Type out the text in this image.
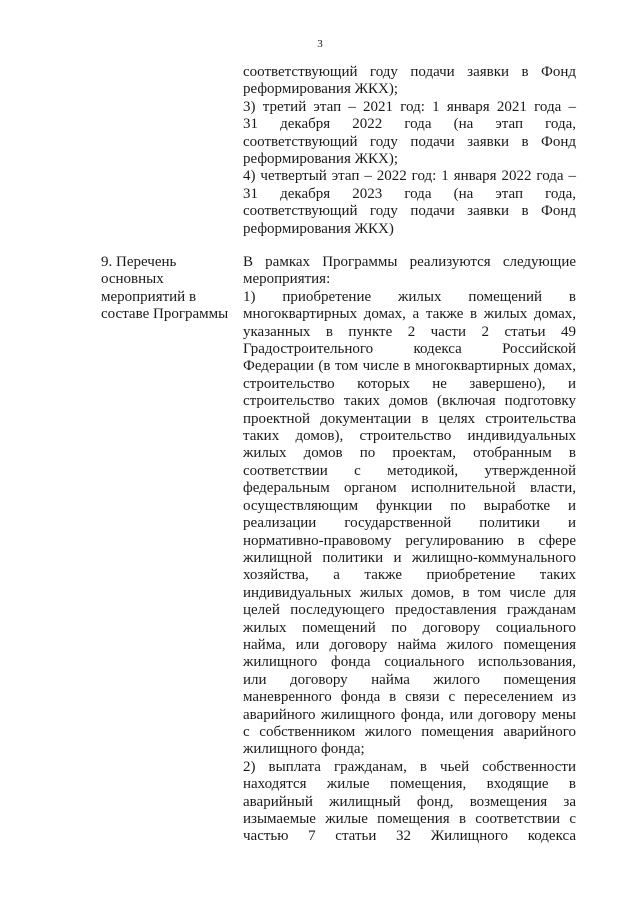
3
соответствующий году подачи заявки в Фонд
реформирования ЖКХ);
3) третий этап – 2021 год: 1 января 2021 года –
31 декабря 2022 года (на этап года,
соответствующий году подачи заявки в Фонд
реформирования ЖКХ);
4) четвертый этап – 2022 год: 1 января 2022 года –
31 декабря 2023 года (на этап года,
соответствующий году подачи заявки в Фонд
реформирования ЖКХ)
9. Перечень
основных
мероприятий в
составе Программы
В рамках Программы реализуются следующие
мероприятия:
1) приобретение жилых помещений в
многоквартирных домах, а также в жилых домах,
указанных в пункте 2 части 2 статьи 49
Градостроительного кодекса Российской
Федерации (в том числе в многоквартирных домах,
строительство которых не завершено), и
строительство таких домов (включая подготовку
проектной документации в целях строительства
таких домов), строительство индивидуальных
жилых домов по проектам, отобранным в
соответствии с методикой, утвержденной
федеральным органом исполнительной власти,
осуществляющим функции по выработке и
реализации государственной политики и
нормативно-правовому регулированию в сфере
жилищной политики и жилищно-коммунального
хозяйства, а также приобретение таких
индивидуальных жилых домов, в том числе для
целей последующего предоставления гражданам
жилых помещений по договору социального
найма, или договору найма жилого помещения
жилищного фонда социального использования,
или договору найма жилого помещения
маневренного фонда в связи с переселением из
аварийного жилищного фонда, или договору мены
с собственником жилого помещения аварийного
жилищного фонда;
2) выплата гражданам, в чьей собственности
находятся жилые помещения, входящие в
аварийный жилищный фонд, возмещения за
изымаемые жилые помещения в соответствии с
частью 7 статьи 32 Жилищного кодекса
